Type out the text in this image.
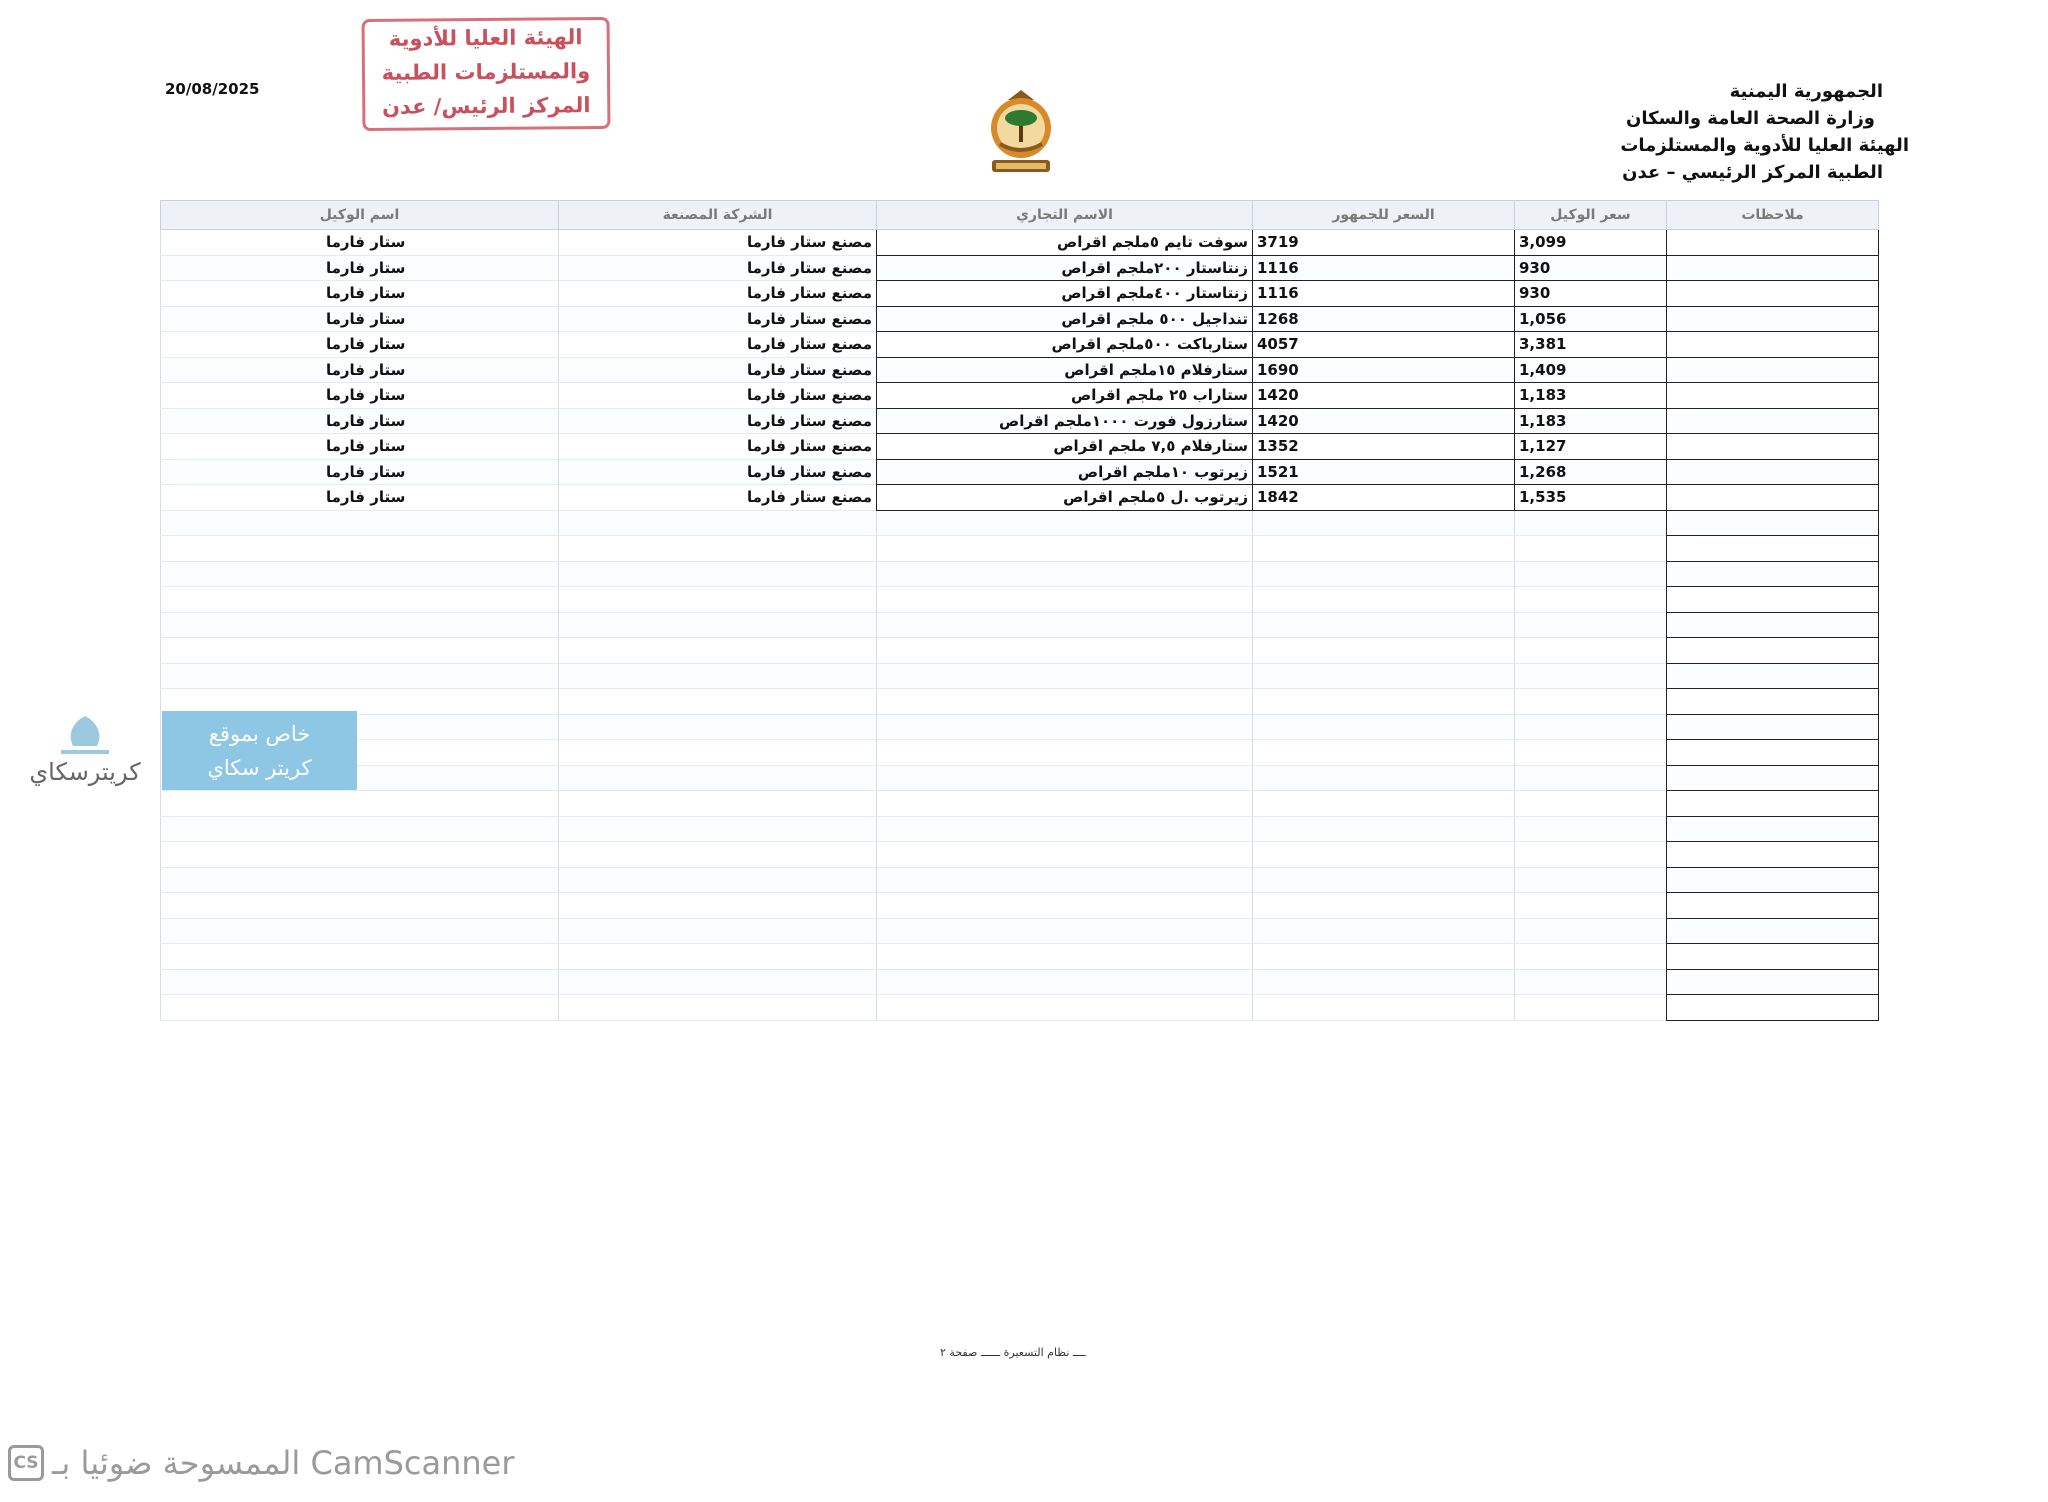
20/08/2025
الهيئة العليا للأدوية
والمستلزمات الطبية
المركز الرئيس/ عدن
الجمهورية اليمنية
وزارة الصحة العامة والسكان
الهيئة العليا للأدوية والمستلزمات
الطبية المركز الرئيسي – عدن
ملاحظات	سعر الوكيل	السعر للجمهور	الاسم التجاري	الشركة المصنعة	اسم الوكيل
	3,099	3719	سوفت تايم ٥ملجم اقراص	مصنع ستار فارما	ستار فارما
	930	1116	زنتاستار ٢٠٠ملجم اقراص	مصنع ستار فارما	ستار فارما
	930	1116	زنتاستار ٤٠٠ملجم اقراص	مصنع ستار فارما	ستار فارما
	1,056	1268	تنداجيل ٥٠٠ ملجم اقراص	مصنع ستار فارما	ستار فارما
	3,381	4057	ستارباكت ٥٠٠ملجم اقراص	مصنع ستار فارما	ستار فارما
	1,409	1690	ستارفلام ١٥ملجم اقراص	مصنع ستار فارما	ستار فارما
	1,183	1420	ستاراب ٢٥ ملجم اقراص	مصنع ستار فارما	ستار فارما
	1,183	1420	ستارزول فورت ١٠٠٠ملجم اقراص	مصنع ستار فارما	ستار فارما
	1,127	1352	ستارفلام ٧,٥ ملجم اقراص	مصنع ستار فارما	ستار فارما
	1,268	1521	زيرتوب ١٠ملجم اقراص	مصنع ستار فارما	ستار فارما
	1,535	1842	زيرتوب .ل ٥ملجم اقراص	مصنع ستار فارما	ستار فارما

كريترسكاي
خاص بموقع
كريتر سكاي
ــــ نظام التسعيرة ــــــ صفحة ٢
CS الممسوحة ضوئيا بـ CamScanner
